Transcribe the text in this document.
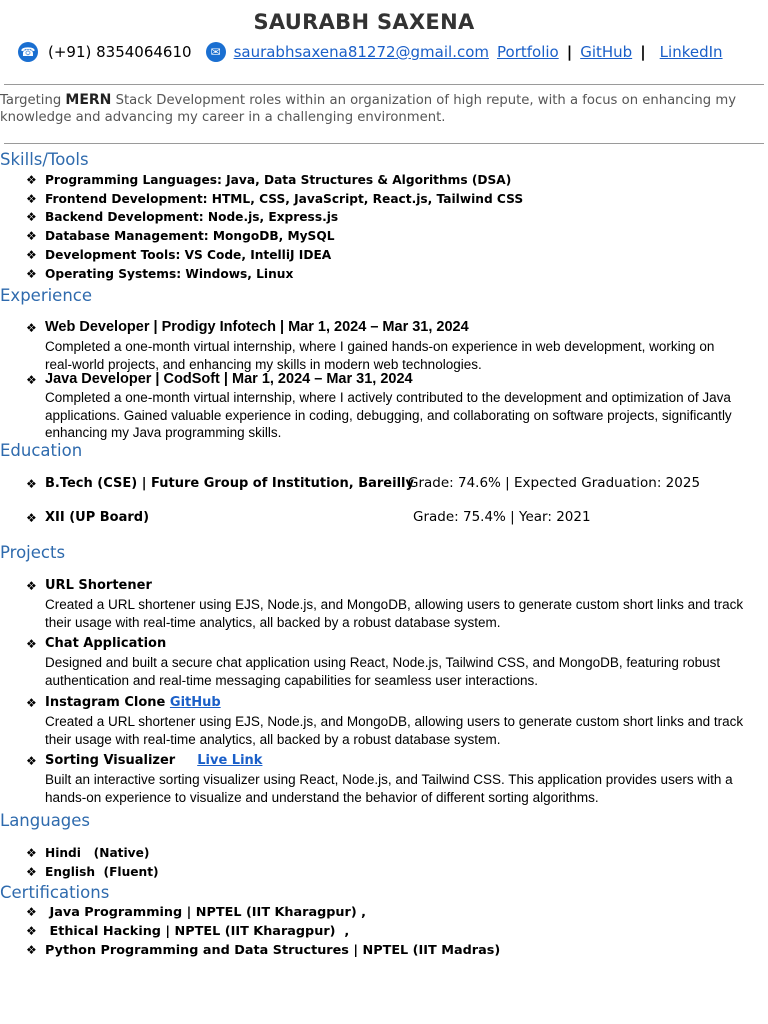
SAURABH SAXENA
☎ (+91) 8354064610	✉ saurabhsaxena81272@gmail.com Portfolio | GitHub | LinkedIn
Targeting MERN Stack Development roles within an organization of high repute, with a focus on enhancing my knowledge and advancing my career in a challenging environment.
Skills/Tools
❖ Programming Languages: Java, Data Structures & Algorithms (DSA)
❖ Frontend Development: HTML, CSS, JavaScript, React.js, Tailwind CSS
❖ Backend Development: Node.js, Express.js
❖ Database Management: MongoDB, MySQL
❖ Development Tools: VS Code, IntelliJ IDEA
❖ Operating Systems: Windows, Linux
Experience
❖ Web Developer | Prodigy Infotech | Mar 1, 2024 – Mar 31, 2024
Completed a one-month virtual internship, where I gained hands-on experience in web development, working on real-world projects, and enhancing my skills in modern web technologies.
❖ Java Developer | CodSoft | Mar 1, 2024 – Mar 31, 2024
Completed a one-month virtual internship, where I actively contributed to the development and optimization of Java applications. Gained valuable experience in coding, debugging, and collaborating on software projects, significantly enhancing my Java programming skills.
Education
❖ B.Tech (CSE) | Future Group of Institution, Bareilly
Grade: 74.6% | Expected Graduation: 2025
❖ XII (UP Board)	Grade: 75.4% | Year: 2021
Projects
❖ URL Shortener
Created a URL shortener using EJS, Node.js, and MongoDB, allowing users to generate custom short links and track their usage with real-time analytics, all backed by a robust database system.
❖ Chat Application
Designed and built a secure chat application using React, Node.js, Tailwind CSS, and MongoDB, featuring robust authentication and real-time messaging capabilities for seamless user interactions.
❖ Instagram Clone GitHub
Created a URL shortener using EJS, Node.js, and MongoDB, allowing users to generate custom short links and track their usage with real-time analytics, all backed by a robust database system.
❖ Sorting Visualizer Live Link
Built an interactive sorting visualizer using React, Node.js, and Tailwind CSS. This application provides users with a hands-on experience to visualize and understand the behavior of different sorting algorithms.
Languages
❖ Hindi   (Native)
❖ English  (Fluent)
Certifications
❖ Java Programming | NPTEL (IIT Kharagpur) ,
❖ Ethical Hacking | NPTEL (IIT Kharagpur)  ,
❖ Python Programming and Data Structures | NPTEL (IIT Madras)
